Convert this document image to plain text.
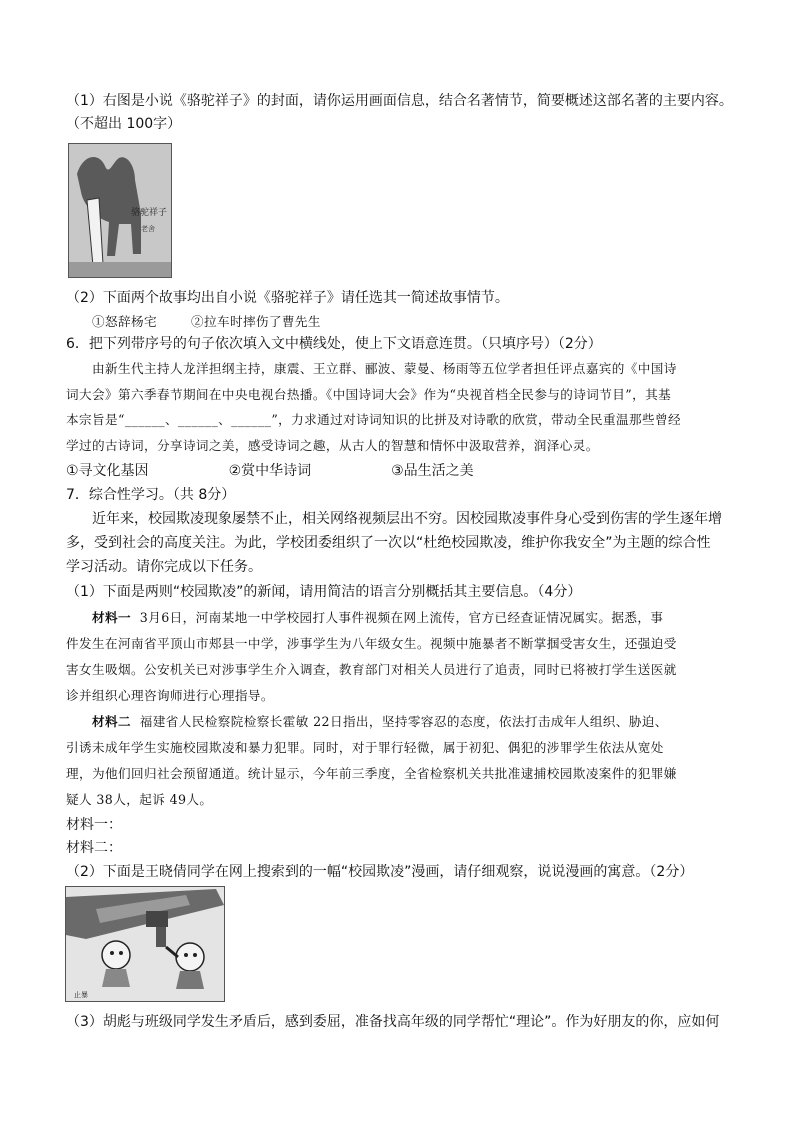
（1）右图是小说《骆驼祥子》的封面，请你运用画面信息，结合名著情节，简要概述这部名著的主要内容。
（不超出 100字）
骆驼祥子
老舍
（2）下面两个故事均出自小说《骆驼祥子》请任选其一简述故事情节。
①怒辞杨宅	②拉车时摔伤了曹先生
6．把下列带序号的句子依次填入文中横线处，使上下文语意连贯。（只填序号）（2分）
由新生代主持人龙洋担纲主持，康震、王立群、郦波、蒙曼、杨雨等五位学者担任评点嘉宾的《中国诗
词大会》第六季春节期间在中央电视台热播。《中国诗词大会》作为“央视首档全民参与的诗词节目”，其基
本宗旨是“______、______、______”，力求通过对诗词知识的比拼及对诗歌的欣赏，带动全民重温那些曾经
学过的古诗词，分享诗词之美，感受诗词之趣，从古人的智慧和情怀中汲取营养，润泽心灵。
①寻文化基因	②赏中华诗词	③品生活之美
7．综合性学习。（共 8分）
近年来，校园欺凌现象屡禁不止，相关网络视频层出不穷。因校园欺凌事件身心受到伤害的学生逐年增
多，受到社会的高度关注。为此，学校团委组织了一次以“杜绝校园欺凌，维护你我安全”为主题的综合性
学习活动。请你完成以下任务。
（1）下面是两则“校园欺凌”的新闻，请用简洁的语言分别概括其主要信息。（4分）
材料一 3月6日，河南某地一中学校园打人事件视频在网上流传，官方已经查证情况属实。据悉，事
件发生在河南省平顶山市郏县一中学，涉事学生为八年级女生。视频中施暴者不断掌掴受害女生，还强迫受
害女生吸烟。公安机关已对涉事学生介入调查，教育部门对相关人员进行了追责，同时已将被打学生送医就
诊并组织心理咨询师进行心理指导。
材料二 福建省人民检察院检察长霍敏 22日指出，坚持零容忍的态度，依法打击成年人组织、胁迫、
引诱未成年学生实施校园欺凌和暴力犯罪。同时，对于罪行轻微，属于初犯、偶犯的涉罪学生依法从宽处
理，为他们回归社会预留通道。统计显示，今年前三季度，全省检察机关共批准逮捕校园欺凌案件的犯罪嫌
疑人 38人，起诉 49人。
材料一：
材料二：
（2）下面是王晓倩同学在网上搜索到的一幅“校园欺凌”漫画，请仔细观察，说说漫画的寓意。（2分）
止暴
（3）胡彪与班级同学发生矛盾后，感到委屈，准备找高年级的同学帮忙“理论”。作为好朋友的你，应如何
